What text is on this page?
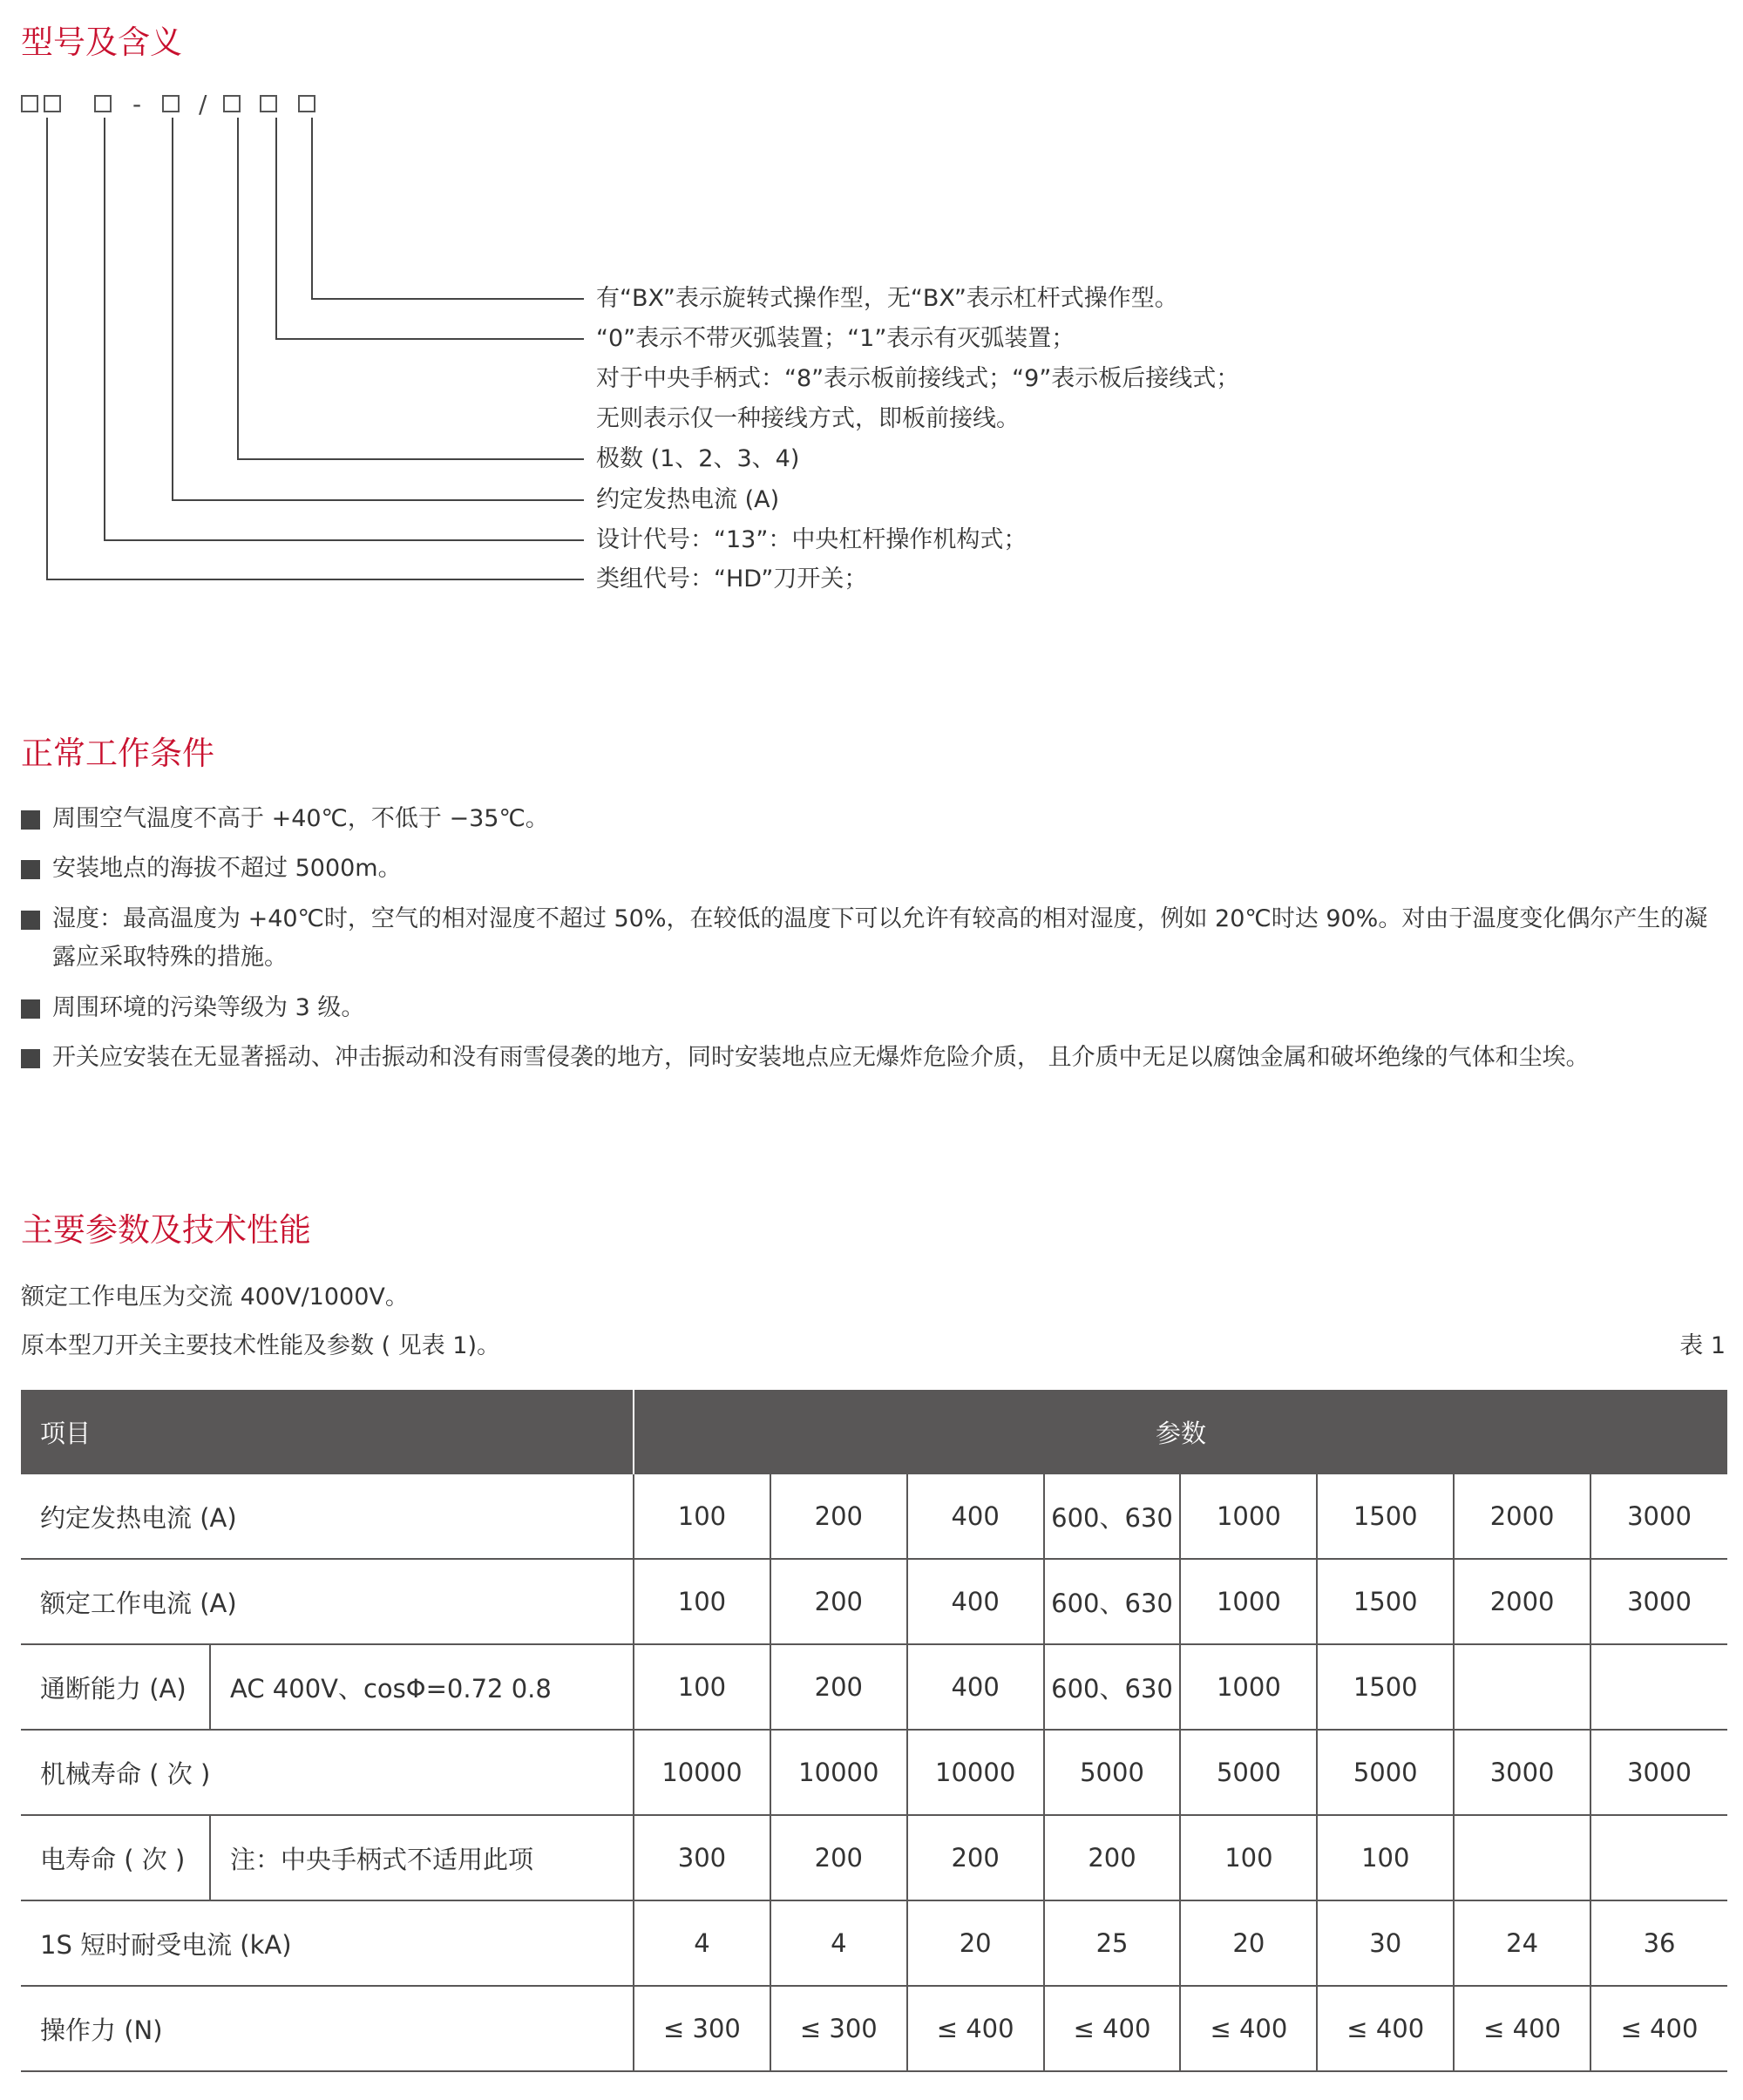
型号及含义
- /
有“BX”表示旋转式操作型，无“BX”表示杠杆式操作型。
“0”表示不带灭弧装置；“1”表示有灭弧装置；
对于中央手柄式：“8”表示板前接线式；“9”表示板后接线式；
无则表示仅一种接线方式，即板前接线。
极数 (1、2、3、4)
约定发热电流 (A)
设计代号：“13”：中央杠杆操作机构式；
类组代号：“HD”刀开关；
正常工作条件
周围空气温度不高于 +40℃，不低于 −35℃。
安装地点的海拔不超过 5000m。
湿度：最高温度为 +40℃时，空气的相对湿度不超过 50%，在较低的温度下可以允许有较高的相对湿度，例如 20℃时达 90%。对由于温度变化偶尔产生的凝露应采取特殊的措施。
周围环境的污染等级为 3 级。
开关应安装在无显著摇动、冲击振动和没有雨雪侵袭的地方，同时安装地点应无爆炸危险介质， 且介质中无足以腐蚀金属和破坏绝缘的气体和尘埃。
主要参数及技术性能
额定工作电压为交流 400V/1000V。
原本型刀开关主要技术性能及参数 ( 见表 1)。	表 1
项目		参数							
约定发热电流 (A)		100	200	400	600、630	1000	1500	2000	3000
额定工作电流 (A)		100	200	400	600、630	1000	1500	2000	3000
通断能力 (A)	AC 400V、cosΦ=0.72 0.8	100	200	400	600、630	1000	1500		
机械寿命 ( 次 )		10000	10000	10000	5000	5000	5000	3000	3000
电寿命 ( 次 )	注：中央手柄式不适用此项	300	200	200	200	100	100		
1S 短时耐受电流 (kA)		4	4	20	25	20	30	24	36
操作力 (N)		≤ 300	≤ 300	≤ 400	≤ 400	≤ 400	≤ 400	≤ 400	≤ 400
